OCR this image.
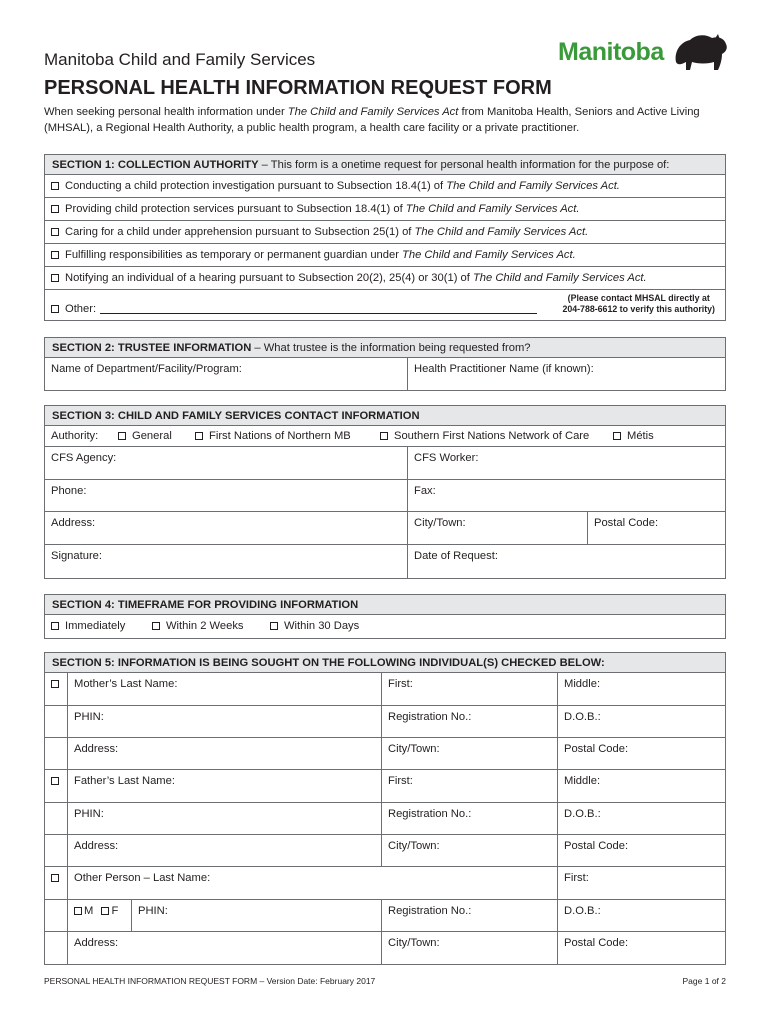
Manitoba Child and Family Services	Manitoba
PERSONAL HEALTH INFORMATION REQUEST FORM
When seeking personal health information under The Child and Family Services Act from Manitoba Health, Seniors and Active Living (MHSAL), a Regional Health Authority, a public health program, a health care facility or a private practitioner.
SECTION 1: COLLECTION AUTHORITY – This form is a onetime request for personal health information for the purpose of:
Conducting a child protection investigation pursuant to Subsection 18.4(1) of The Child and Family Services Act.
Providing child protection services pursuant to Subsection 18.4(1) of The Child and Family Services Act.
Caring for a child under apprehension pursuant to Subsection 25(1) of The Child and Family Services Act.
Fulfilling responsibilities as temporary or permanent guardian under The Child and Family Services Act.
Notifying an individual of a hearing pursuant to Subsection 20(2), 25(4) or 30(1) of The Child and Family Services Act.
Other:
(Please contact MHSAL directly at
204-788-6612 to verify this authority)
SECTION 2: TRUSTEE INFORMATION – What trustee is the information being requested from?
Name of Department/Facility/Program:	Health Practitioner Name (if known):
SECTION 3: CHILD AND FAMILY SERVICES CONTACT INFORMATION
Authority:	General	First Nations of Northern MB	Southern First Nations Network of Care	Métis
CFS Agency:	CFS Worker:
Phone:	Fax:
Address:	City/Town:	Postal Code:
Signature:	Date of Request:
SECTION 4: TIMEFRAME FOR PROVIDING INFORMATION
Immediately	Within 2 Weeks	Within 30 Days
SECTION 5: INFORMATION IS BEING SOUGHT ON THE FOLLOWING INDIVIDUAL(S) CHECKED BELOW:
Mother’s Last Name:	First:	Middle:
PHIN:	Registration No.:	D.O.B.:
Address:	City/Town:	Postal Code:
Father’s Last Name:	First:	Middle:
PHIN:	Registration No.:	D.O.B.:
Address:	City/Town:	Postal Code:
Other Person – Last Name:	First:
M F	PHIN:	Registration No.:	D.O.B.:
Address:	City/Town:	Postal Code:
PERSONAL HEALTH INFORMATION REQUEST FORM – Version Date: February 2017	Page 1 of 2
